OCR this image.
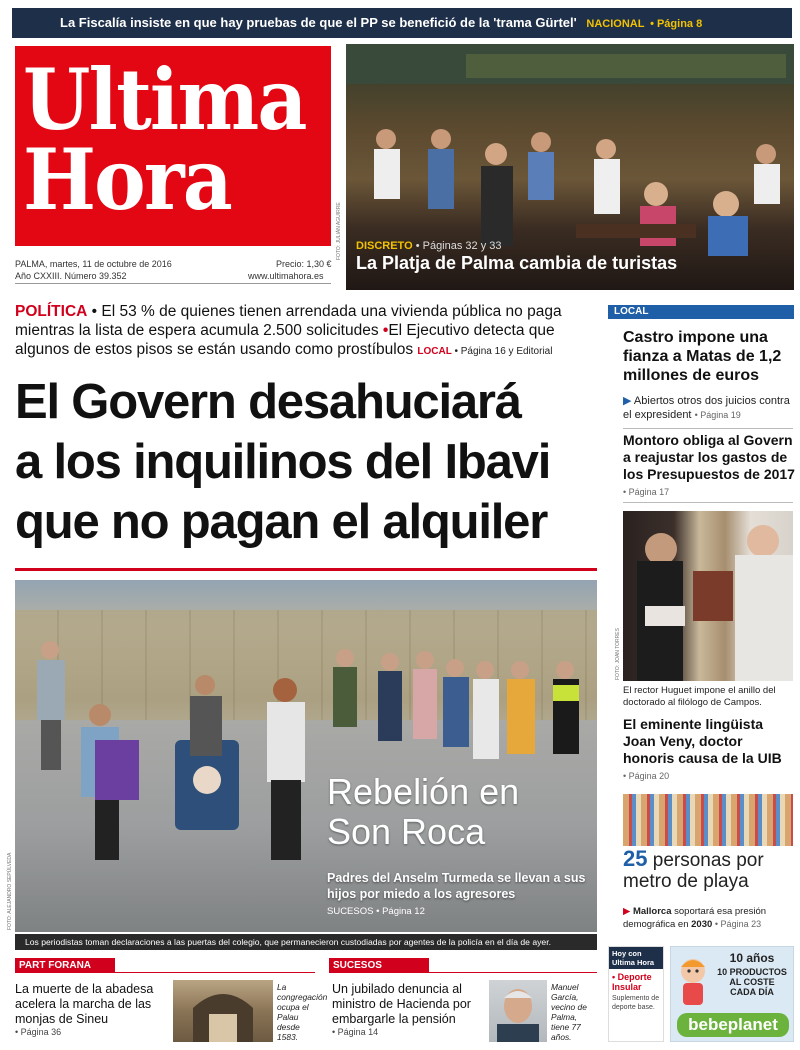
La Fiscalía insiste en que hay pruebas de que el PP se benefició de la 'trama Gürtel' NACIONAL • Página 8
Ultima
Hora
PALMA, martes, 11 de octubre de 2016
Año CXXIII. Número 39.352
Precio: 1,30 €
www.ultimahora.es
DISCRETO • Páginas 32 y 33
La Platja de Palma cambia de turistas
FOTO: JULIÁN AGUIRRE
POLÍTICA • El 53 % de quienes tienen arrendada una vivienda pública no paga mientras la lista de espera acumula 2.500 solicitudes •El Ejecutivo detecta que algunos de estos pisos se están usando como prostíbulos LOCAL • Página 16 y Editorial
El Govern desahuciará
a los inquilinos del Ibavi
que no pagan el alquiler
Rebelión en
Son Roca
Padres del Anselm Turmeda se llevan a sus hijos por miedo a los agresores
SUCESOS • Página 12
FOTO: ALEJANDRO SEPÚLVEDA
Los periodistas toman declaraciones a las puertas del colegio, que permanecieron custodiadas por agentes de la policía en el día de ayer.
PART FORANA
La muerte de la abadesa acelera la marcha de las monjas de Sineu
• Página 36
La congregación ocupa el Palau desde 1583.
SUCESOS
Un jubilado denuncia al ministro de Hacienda por embargarle la pensión
• Página 14
Manuel García, vecino de Palma, tiene 77 años.
LOCAL
Castro impone una fianza a Matas de 1,2 millones de euros
▶ Abiertos otros dos juicios contra el expresident • Página 19
Montoro obliga al Govern a reajustar los gastos de los Presupuestos de 2017
• Página 17
FOTO: JOAN TORRES
El rector Huguet impone el anillo del doctorado al filólogo de Campos.
El eminente lingüista Joan Veny, doctor honoris causa de la UIB
• Página 20
25 personas por metro de playa
▶ Mallorca soportará esa presión demográfica en 2030 • Página 23
Hoy con Ultima Hora
• Deporte Insular
Suplemento de deporte base.
10 años
10 PRODUCTOS
AL COSTE
CADA DÍA
bebeplanet
